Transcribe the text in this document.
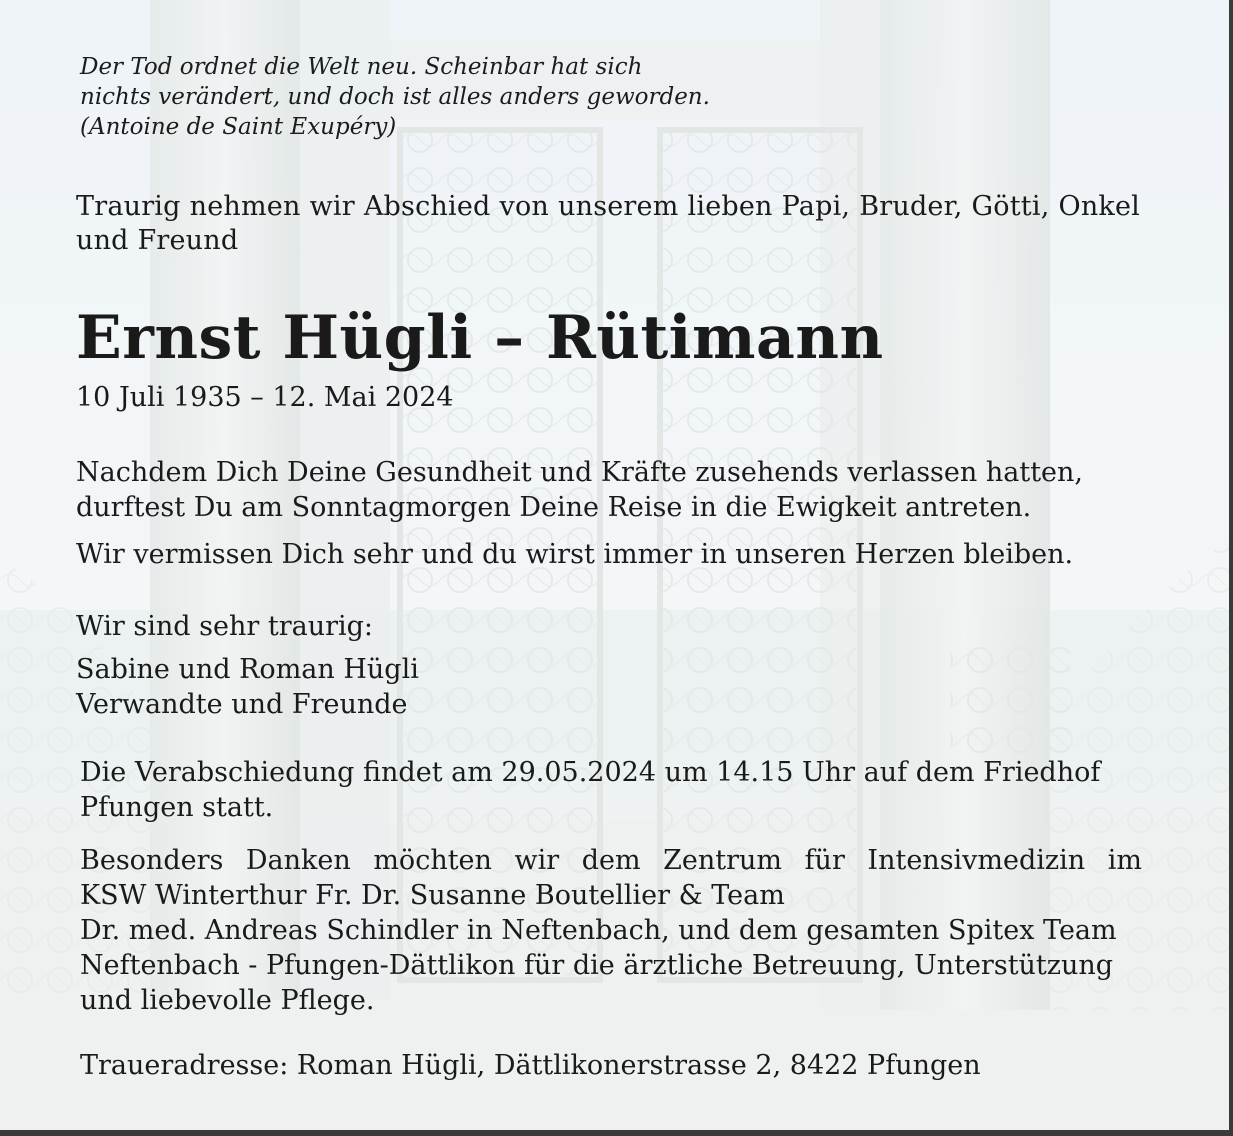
Der Tod ordnet die Welt neu. Scheinbar hat sich
nichts verändert, und doch ist alles anders geworden.
(Antoine de Saint Exupéry)
Traurig nehmen wir Abschied von unserem lieben Papi, Bruder, Götti, Onkel und Freund
Ernst Hügli – Rütimann
10 Juli 1935 – 12. Mai 2024
Nachdem Dich Deine Gesundheit und Kräfte zusehends verlassen hatten,
durftest Du am Sonntagmorgen Deine Reise in die Ewigkeit antreten.
Wir vermissen Dich sehr und du wirst immer in unseren Herzen bleiben.
Wir sind sehr traurig:
Sabine und Roman Hügli
Verwandte und Freunde
Die Verabschiedung findet am 29.05.2024 um 14.15 Uhr auf dem Friedhof
Pfungen statt.
Besonders Danken möchten wir dem Zentrum für Intensivmedizin im
KSW Winterthur Fr. Dr. Susanne Boutellier & Team
Dr. med. Andreas Schindler in Neftenbach, und dem gesamten Spitex Team
Neftenbach - Pfungen-Dättlikon für die ärztliche Betreuung, Unterstützung
und liebevolle Pflege.
Traueradresse: Roman Hügli, Dättlikonerstrasse 2, 8422 Pfungen
